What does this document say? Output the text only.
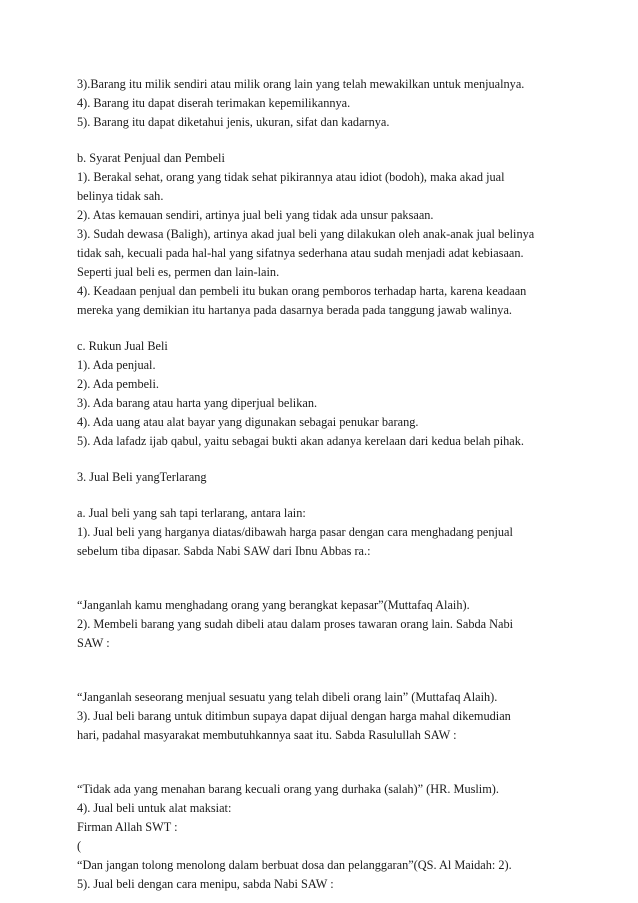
3).Barang itu milik sendiri atau milik orang lain yang telah mewakilkan untuk menjualnya.
4). Barang itu dapat diserah terimakan kepemilikannya.
5). Barang itu dapat diketahui jenis, ukuran, sifat dan kadarnya.
b. Syarat Penjual dan Pembeli
1). Berakal sehat, orang yang tidak sehat pikirannya atau idiot (bodoh), maka akad jual
belinya tidak sah.
2). Atas kemauan sendiri, artinya jual beli yang tidak ada unsur paksaan.
3). Sudah dewasa (Baligh), artinya akad jual beli yang dilakukan oleh anak-anak jual belinya
tidak sah, kecuali pada hal-hal yang sifatnya sederhana atau sudah menjadi adat kebiasaan.
Seperti jual beli es, permen dan lain-lain.
4). Keadaan penjual dan pembeli itu bukan orang pemboros terhadap harta, karena keadaan
mereka yang demikian itu hartanya pada dasarnya berada pada tanggung jawab walinya.
c. Rukun Jual Beli
1). Ada penjual.
2). Ada pembeli.
3). Ada barang atau harta yang diperjual belikan.
4). Ada uang atau alat bayar yang digunakan sebagai penukar barang.
5). Ada lafadz ijab qabul, yaitu sebagai bukti akan adanya kerelaan dari kedua belah pihak.
3. Jual Beli yangTerlarang
a. Jual beli yang sah tapi terlarang, antara lain:
1). Jual beli yang harganya diatas/dibawah harga pasar dengan cara menghadang penjual
sebelum tiba dipasar. Sabda Nabi SAW dari Ibnu Abbas ra.:
“Janganlah kamu menghadang orang yang berangkat kepasar”(Muttafaq Alaih).
2). Membeli barang yang sudah dibeli atau dalam proses tawaran orang lain. Sabda Nabi
SAW :
“Janganlah seseorang menjual sesuatu yang telah dibeli orang lain” (Muttafaq Alaih).
3). Jual beli barang untuk ditimbun supaya dapat dijual dengan harga mahal dikemudian
hari, padahal masyarakat membutuhkannya saat itu. Sabda Rasulullah SAW :
“Tidak ada yang menahan barang kecuali orang yang durhaka (salah)” (HR. Muslim).
4). Jual beli untuk alat maksiat:
Firman Allah SWT :
(
“Dan jangan tolong menolong dalam berbuat dosa dan pelanggaran”(QS. Al Maidah: 2).
5). Jual beli dengan cara menipu, sabda Nabi SAW :
